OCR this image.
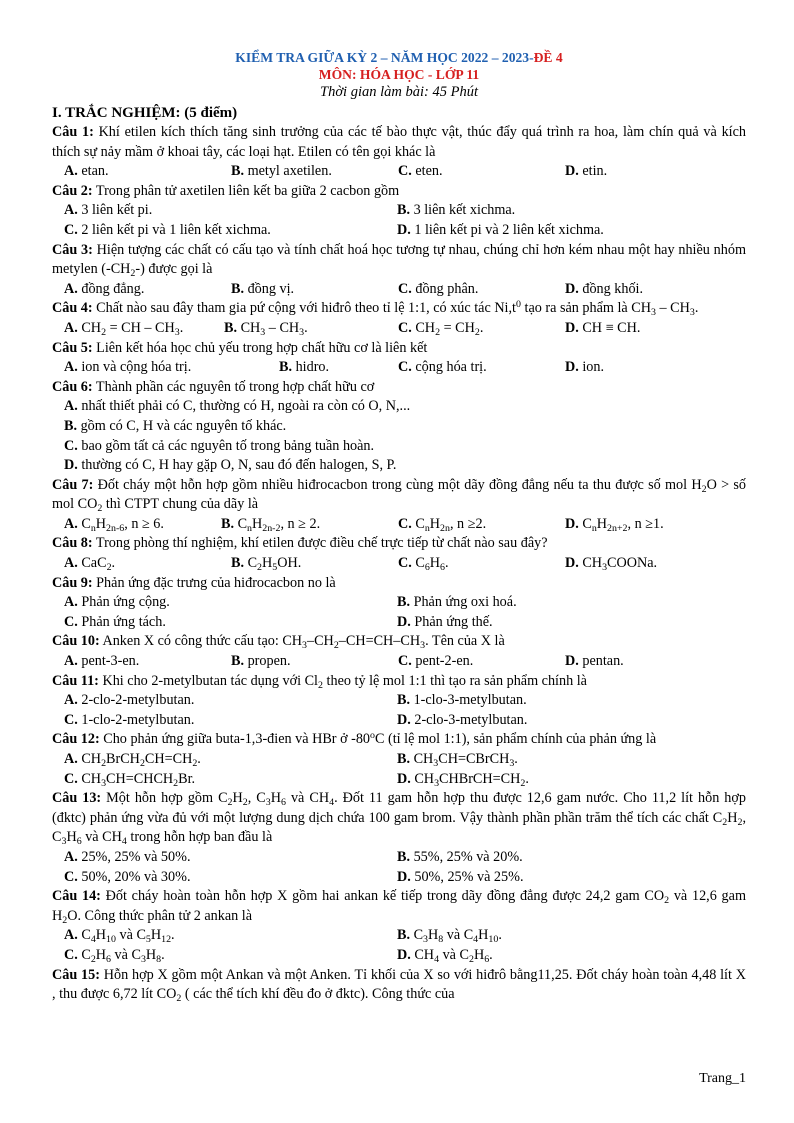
KIỂM TRA GIỮA KỲ 2 – NĂM HỌC 2022 – 2023-ĐỀ 4
MÔN: HÓA HỌC - LỚP 11
Thời gian làm bài: 45 Phút
I. TRẮC NGHIỆM: (5 điểm)
Câu 1: Khí etilen kích thích tăng sinh trưởng của các tế bào thực vật, thúc đẩy quá trình ra hoa, làm chín quả và kích thích sự nảy mầm ở khoai tây, các loại hạt. Etilen có tên gọi khác là
A. etan.	B. metyl axetilen.	C. eten.	D. etin.
Câu 2: Trong phân tử axetilen liên kết ba giữa 2 cacbon gồm
A. 3 liên kết pi.	B. 3 liên kết xichma.
C. 2 liên kết pi và 1 liên kết xichma.	D. 1 liên kết pi và 2 liên kết xichma.
Câu 3: Hiện tượng các chất có cấu tạo và tính chất hoá học tương tự nhau, chúng chỉ hơn kém nhau một hay nhiều nhóm metylen $(-CH_2-)$ được gọi là
A. đồng đẳng.	B. đồng vị.	C. đồng phân.	D. đồng khối.
Câu 4: Chất nào sau đây tham gia pứ cộng với hiđrô theo tỉ lệ 1:1, có xúc tác $Ni,t^0$ tạo ra sản phẩm là $CH_3 - CH_3$.
A. $CH_2$ = CH – $CH_3$.	B. $CH_3 - CH_3$.	C. $CH_2 = CH_2$.	D. CH ≡ CH.
Câu 5: Liên kết hóa học chủ yếu trong hợp chất hữu cơ là liên kết
A. ion và cộng hóa trị.	B. hidro.	C. cộng hóa trị.	D. ion.
Câu 6: Thành phần các nguyên tố trong hợp chất hữu cơ
A. nhất thiết phải có C, thường có H, ngoài ra còn có O, N,...
B. gồm có C, H và các nguyên tố khác.
C. bao gồm tất cả các nguyên tố trong bảng tuần hoàn.
D. thường có C, H hay gặp O, N, sau đó đến halogen, S, P.
Câu 7: Đốt cháy một hỗn hợp gồm nhiều hiđrocacbon trong cùng một dãy đồng đẳng nếu ta thu được số mol $H_2O$ > số mol $CO_2$ thì CTPT chung của dãy là
A. $C_nH_{2n-6}$, n ≥ 6.	B. $C_nH_{2n-2}$, n ≥ 2.	C. $C_nH_{2n}$, n ≥2.	D. $C_nH_{2n+2}$, n ≥1.
Câu 8: Trong phòng thí nghiệm, khí etilen được điều chế trực tiếp từ chất nào sau đây?
A. CaC$_2$.	B. $C_2H_5OH$.	C. $C_6H_6$.	D. $CH_3COONa$.
Câu 9: Phản ứng đặc trưng của hiđrocacbon no là
A. Phản ứng cộng.	B. Phản ứng oxi hoá.
C. Phản ứng tách.	D. Phản ứng thế.
Câu 10: Anken X có công thức cấu tạo: $CH_3-CH_2-CH=CH-CH_3$. Tên của X là
A. pent-3-en.	B. propen.	C. pent-2-en.	D. pentan.
Câu 11: Khi cho 2-metylbutan tác dụng với $Cl_2$ theo tỷ lệ mol 1:1 thì tạo ra sản phẩm chính là
A. 2-clo-2-metylbutan.	B. 1-clo-3-metylbutan.
C. 1-clo-2-metylbutan.	D. 2-clo-3-metylbutan.
Câu 12: Cho phản ứng giữa buta-1,3-đien và HBr ở -80$^o$C (tỉ lệ mol 1:1), sản phẩm chính của phản ứng là
A. $CH_2BrCH_2CH=CH_2$.	B. $CH_3CH=CBrCH_3$.
C. $CH_3CH=CHCH_2Br$.	D. $CH_3CHBrCH=CH_2$.
Câu 13: Một hỗn hợp gồm $C_2H_2$, $C_3H_6$ và $CH_4$. Đốt 11 gam hỗn hợp thu được 12,6 gam nước. Cho 11,2 lít hỗn hợp (đktc) phản ứng vừa đủ với một lượng dung dịch chứa 100 gam brom. Vậy thành phần phần trăm thể tích các chất $C_2H_2$, $C_3H_6$ và $CH_4$ trong hỗn hợp ban đầu là
A. 25%, 25% và 50%.	B. 55%, 25% và 20%.
C. 50%, 20% và 30%.	D. 50%, 25% và 25%.
Câu 14: Đốt cháy hoàn toàn hỗn hợp X gồm hai ankan kế tiếp trong dãy đồng đẳng được 24,2 gam $CO_2$ và 12,6 gam $H_2O$. Công thức phân tử 2 ankan là
A. $C_4H_{10}$ và $C_5H_{12}$.	B. $C_3H_8$ và $C_4H_{10}$.
C. $C_2H_6$ và $C_3H_8$.	D. $CH_4$ và $C_2H_6$.
Câu 15: Hỗn hợp X gồm một Ankan và một Anken. Tỉ khối của X so với hiđrô bằng11,25. Đốt cháy hoàn toàn 4,48 lít X , thu được 6,72 lít $CO_2$ ( các thể tích khí đều đo ở đktc). Công thức của
Trang_1
